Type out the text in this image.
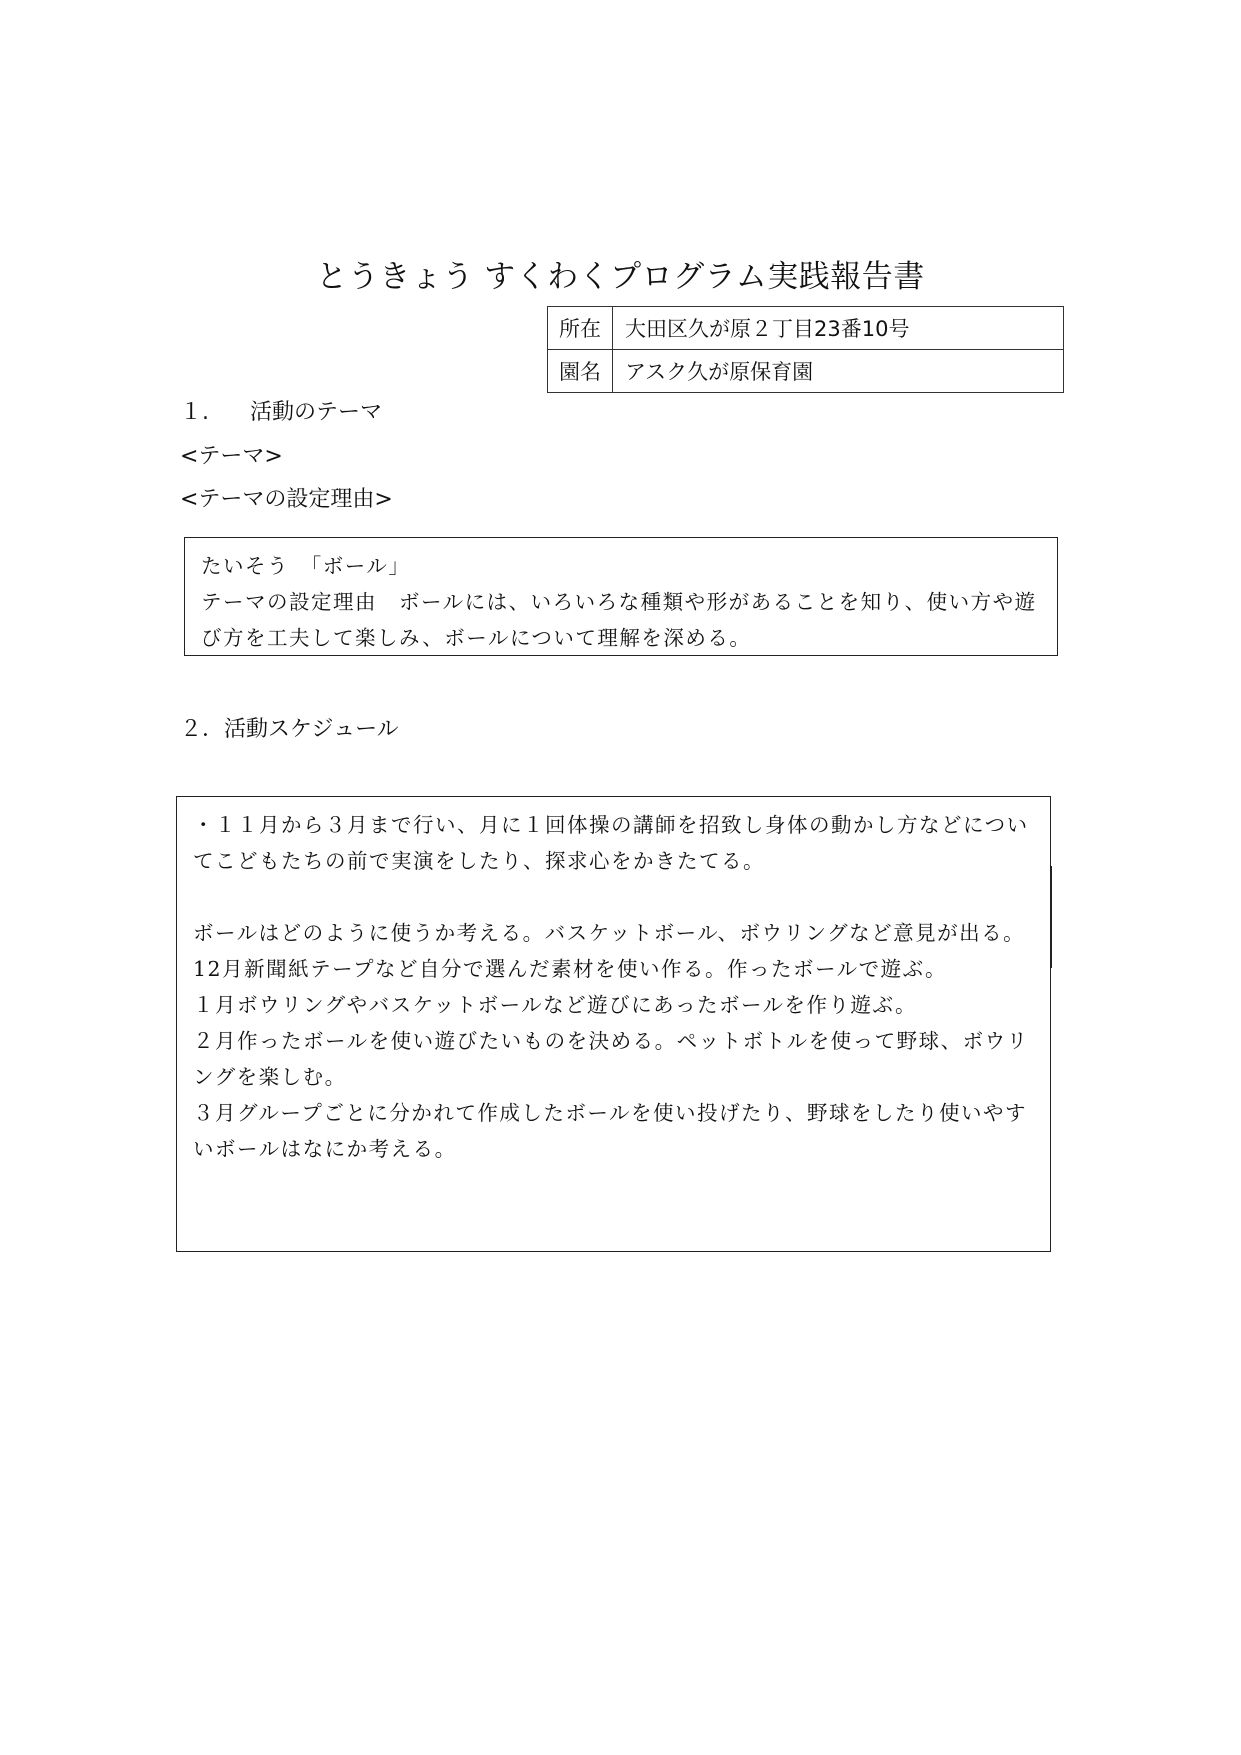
とうきょう すくわくプログラム実践報告書
所在	大田区久が原２丁目23番10号
園名	アスク久が原保育園
１. 活動のテーマ
<テーマ>
<テーマの設定理由>
たいそう　「ボール」
テーマの設定理由　ボールには、いろいろな種類や形があることを知り、使い方や遊
び方を工夫して楽しみ、ボールについて理解を深める。
２．活動スケジュール
・１１月から３月まで行い、月に１回体操の講師を招致し身体の動かし方などについ
てこどもたちの前で実演をしたり、探求心をかきたてる。
ボールはどのように使うか考える。バスケットボール、ボウリングなど意見が出る。
12月新聞紙テープなど自分で選んだ素材を使い作る。作ったボールで遊ぶ。
１月ボウリングやバスケットボールなど遊びにあったボールを作り遊ぶ。
２月作ったボールを使い遊びたいものを決める。ペットボトルを使って野球、ボウリ
ングを楽しむ。
３月グループごとに分かれて作成したボールを使い投げたり、野球をしたり使いやす
いボールはなにか考える。
